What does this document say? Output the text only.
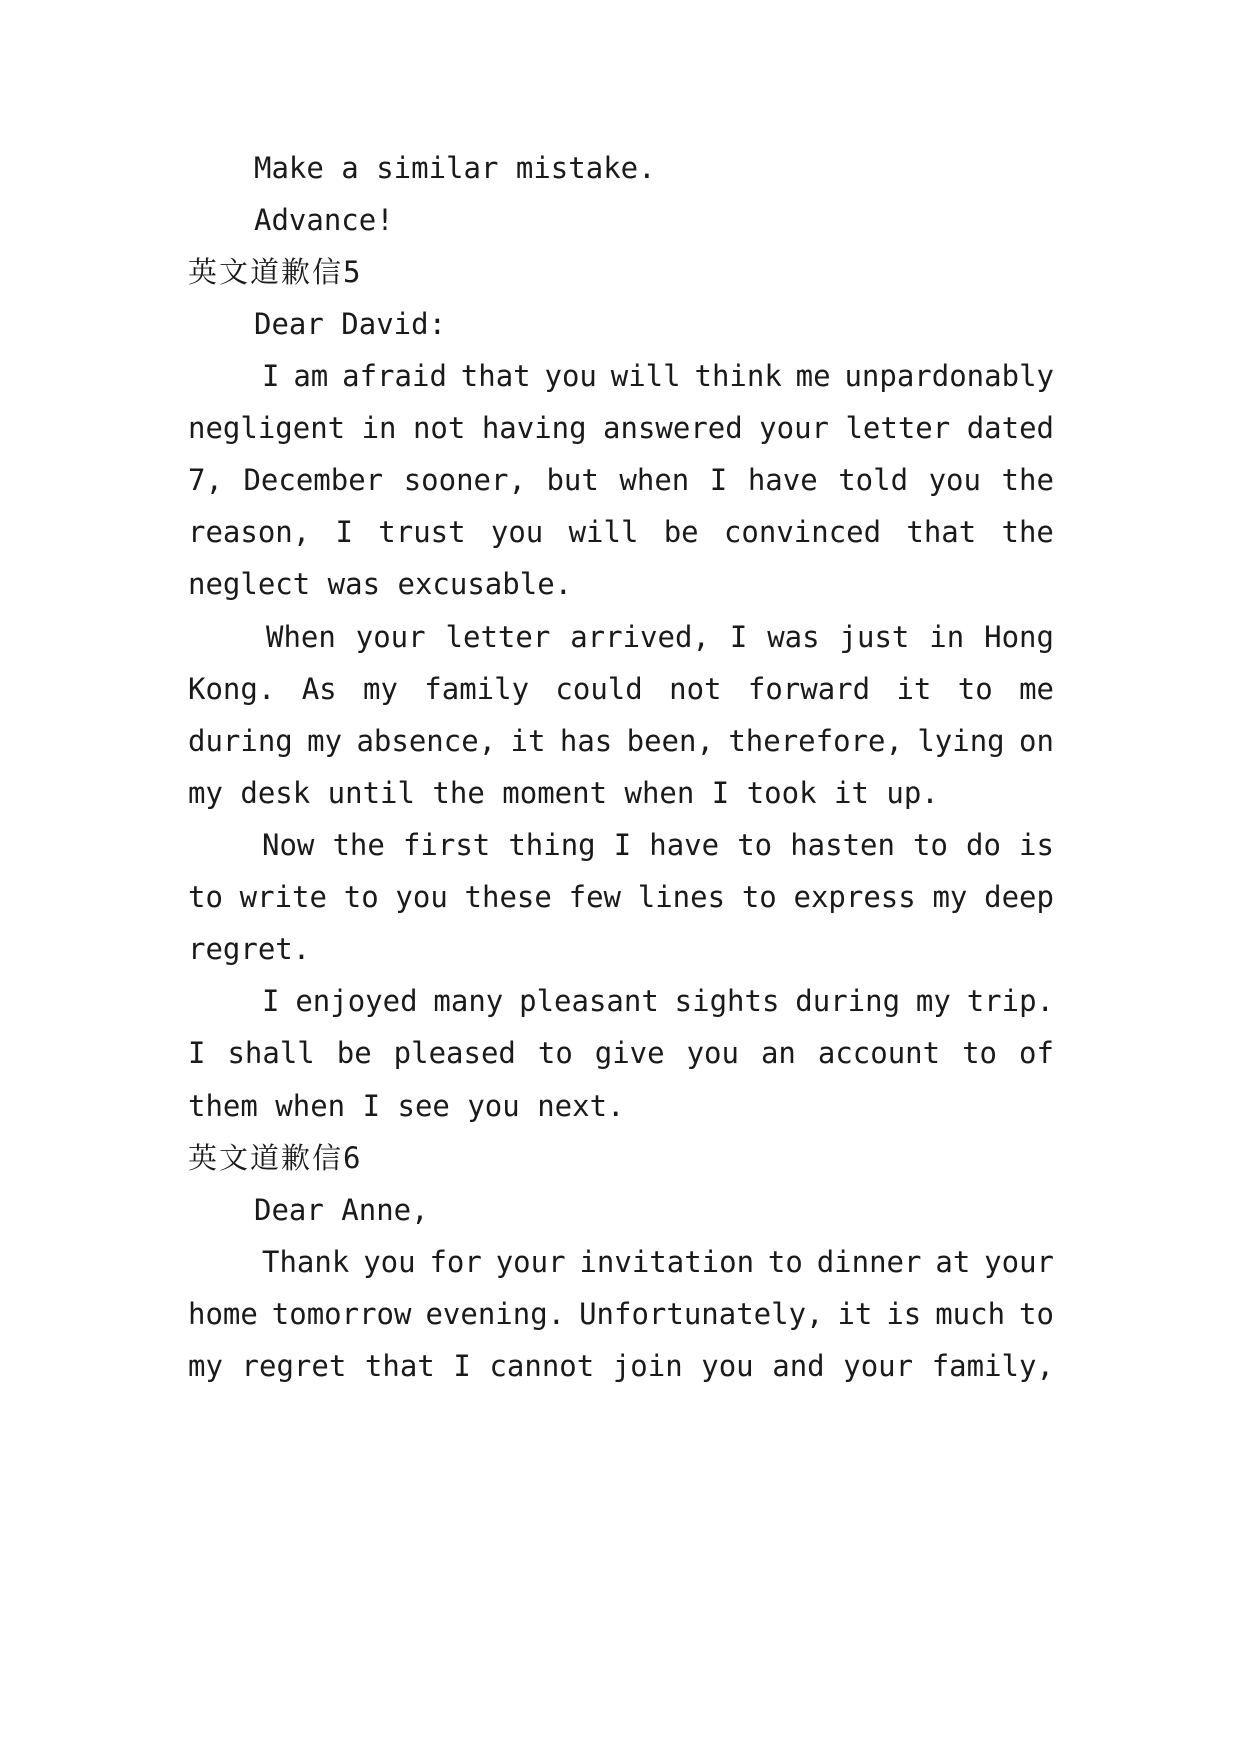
Make a similar mistake.
Advance!
英文道歉信5
Dear David:
I am afraid that you will think me unpardonably
negligent in not having answered your letter dated
7, December sooner, but when I have told you the
reason, I trust you will be convinced that the
neglect was excusable.
When your letter arrived, I was just in Hong
Kong. As my family could not forward it to me
during my absence, it has been, therefore, lying on
my desk until the moment when I took it up.
Now the first thing I have to hasten to do is
to write to you these few lines to express my deep
regret.
I enjoyed many pleasant sights during my trip.
I shall be pleased to give you an account to of
them when I see you next.
英文道歉信6
Dear Anne,
Thank you for your invitation to dinner at your
home tomorrow evening. Unfortunately, it is much to
my regret that I cannot join you and your family,
